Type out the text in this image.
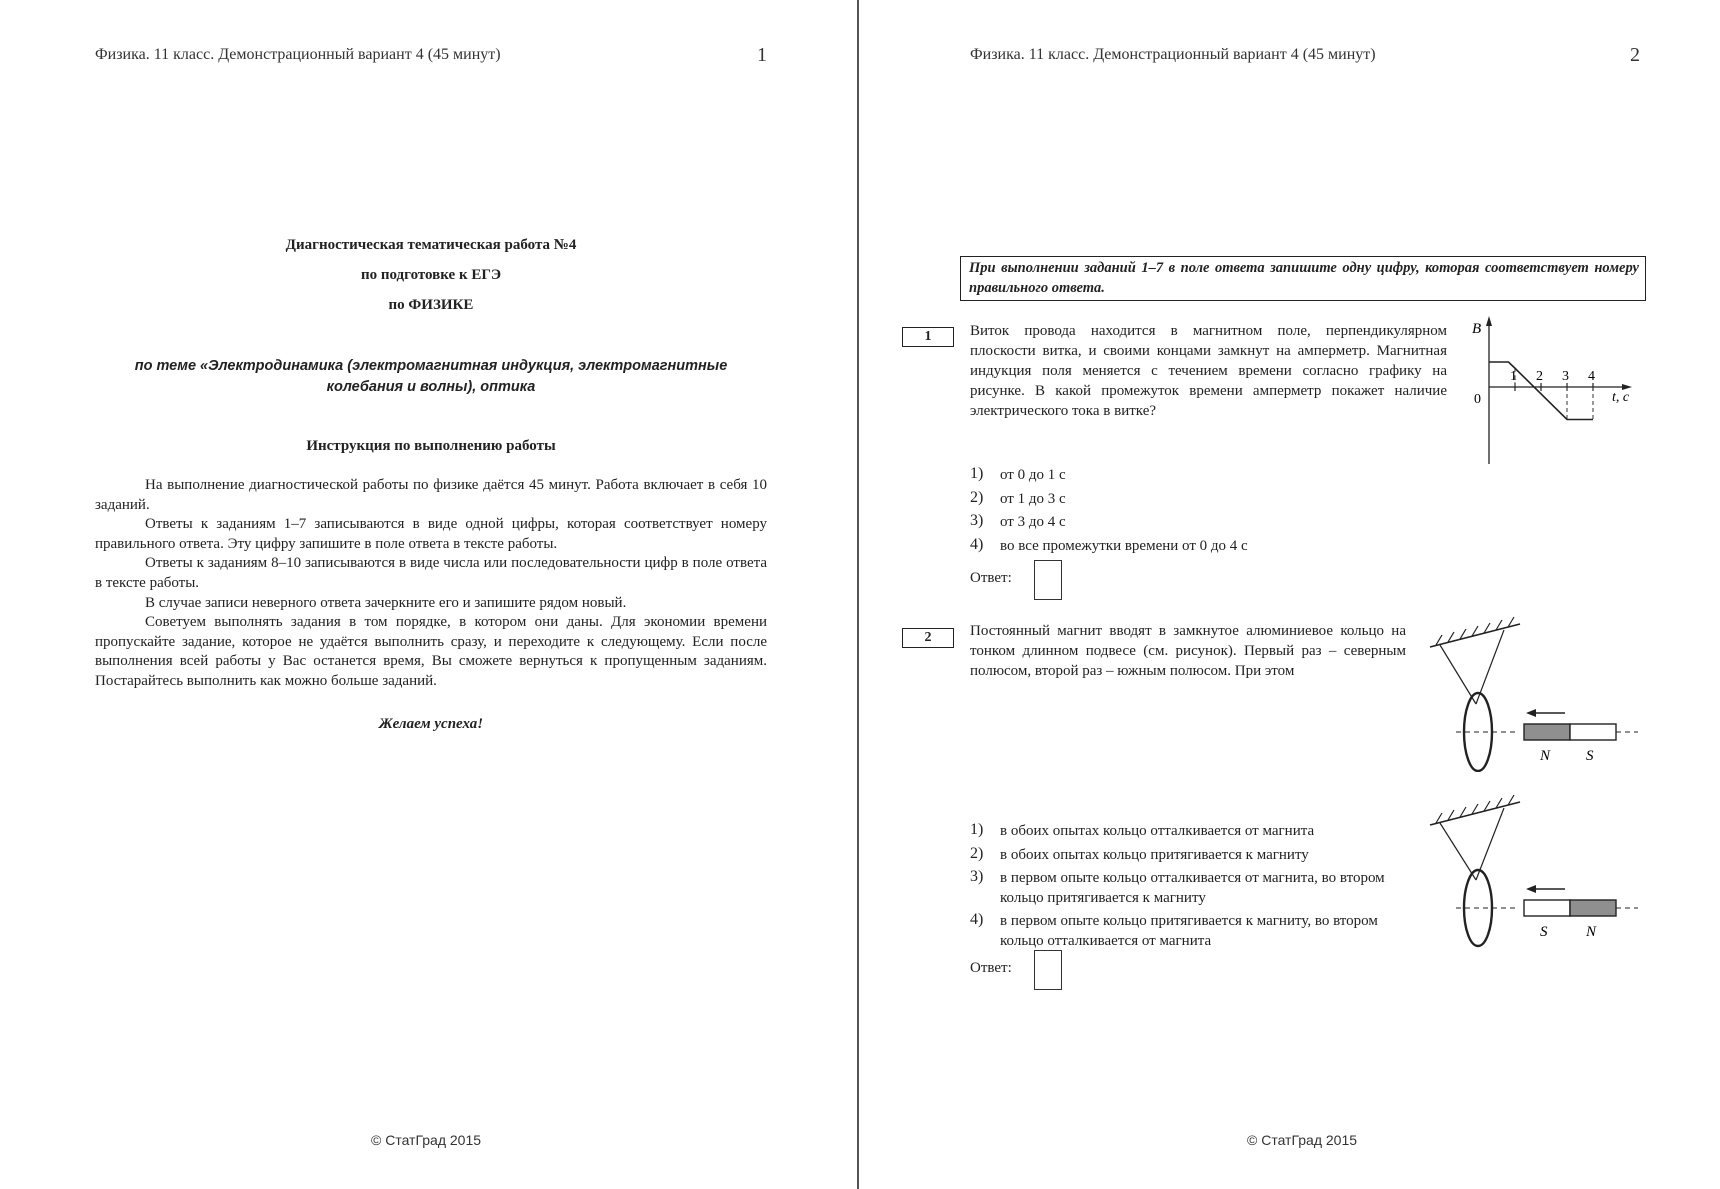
Физика. 11 класс. Демонстрационный вариант 4 (45 минут)	1
Диагностическая тематическая работа №4
по подготовке к ЕГЭ
по ФИЗИКЕ
по теме «Электродинамика (электромагнитная индукция, электромагнитные
колебания и волны), оптика
Инструкция по выполнению работы

На выполнение диагностической работы по физике даётся 45 минут. Работа включает в себя 10 заданий.

Ответы к заданиям 1–7 записываются в виде одной цифры, которая соответствует номеру правильного ответа. Эту цифру запишите в поле ответа в тексте работы.

Ответы к заданиям 8–10 записываются в виде числа или последовательности цифр в поле ответа в тексте работы.

В случае записи неверного ответа зачеркните его и запишите рядом новый.

Советуем выполнять задания в том порядке, в котором они даны. Для экономии времени пропускайте задание, которое не удаётся выполнить сразу, и переходите к следующему. Если после выполнения всей работы у Вас останется время, Вы сможете вернуться к пропущенным заданиям. Постарайтесь выполнить как можно больше заданий.

Желаем успеха!
© СтатГрад 2015
Физика. 11 класс. Демонстрационный вариант 4 (45 минут)	2
При выполнении заданий 1–7 в поле ответа запишите одну цифру, которая соответствует номеру правильного ответа.
1	Виток провода находится в магнитном поле, перпендикулярном плоскости витка, и своими концами замкнут на амперметр. Магнитная индукция поля меняется с течением времени согласно графику на рисунке. В какой промежуток времени амперметр покажет наличие электрического тока в витке?
1 2 3 4
B
0	t, с
1) от 0 до 1 с
2) от 1 до 3 с
3) от 3 до 4 с
4) во все промежутки времени от 0 до 4 с
Ответ:
2	Постоянный магнит вводят в замкнутое алюминиевое кольцо на тонком длинном подвесе (см. рисунок). Первый раз – северным полюсом, второй раз – южным полюсом. При этом
N S
S	N
1) в обоих опытах кольцо отталкивается от магнита
2) в обоих опытах кольцо притягивается к магниту
3) в первом опыте кольцо отталкивается от магнита, во втором кольцо притягивается к магниту
4) в первом опыте кольцо притягивается к магниту, во втором кольцо отталкивается от магнита
Ответ:
© СтатГрад 2015
